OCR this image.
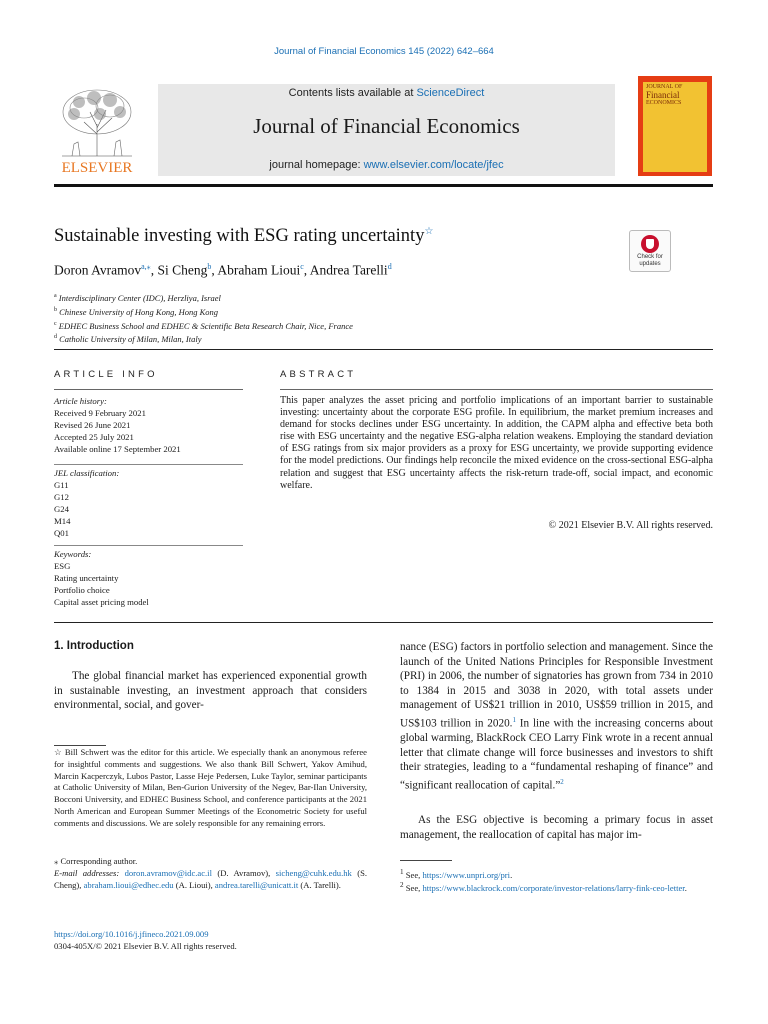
Journal of Financial Economics 145 (2022) 642–664
ELSEVIER
Contents lists available at ScienceDirect
Journal of Financial Economics
journal homepage: www.elsevier.com/locate/jfec
JOURNAL OF

Financial
ECONOMICS
Sustainable investing with ESG rating uncertainty☆
Check for updates
Doron Avramov$^{a,⁎}$, Si Cheng$^b$, Abraham Lioui$^c$, Andrea Tarelli$^d$
$^a$ Interdisciplinary Center (IDC), Herzliya, Israel
$^b$ Chinese University of Hong Kong, Hong Kong
$^c$ EDHEC Business School and EDHEC & Scientific Beta Research Chair, Nice, France
$^d$ Catholic University of Milan, Milan, Italy
ARTICLE INFO
Article history:
Received 9 February 2021
Revised 26 June 2021
Accepted 25 July 2021
Available online 17 September 2021
JEL classification:
G11
G12
G24
M14
Q01
Keywords:
ESG
Rating uncertainty
Portfolio choice
Capital asset pricing model
ABSTRACT
This paper analyzes the asset pricing and portfolio implications of an important barrier to sustainable investing: uncertainty about the corporate ESG profile. In equilibrium, the market premium increases and demand for stocks declines under ESG uncertainty. In addition, the CAPM alpha and effective beta both rise with ESG uncertainty and the negative ESG-alpha relation weakens. Employing the standard deviation of ESG ratings from six major providers as a proxy for ESG uncertainty, we provide supporting evidence for the model predictions. Our findings help reconcile the mixed evidence on the cross-sectional ESG-alpha relation and suggest that ESG uncertainty affects the risk-return trade-off, social impact, and economic welfare.
© 2021 Elsevier B.V. All rights reserved.
1. Introduction
The global financial market has experienced exponential growth in sustainable investing, an investment approach that considers environmental, social, and gover-
nance (ESG) factors in portfolio selection and management. Since the launch of the United Nations Principles for Responsible Investment (PRI) in 2006, the number of signatories has grown from 734 in 2010 to 1384 in 2015 and 3038 in 2020, with total assets under management of US$21 trillion in 2010, US$59 trillion in 2015, and US$103 trillion in 2020.$^1$ In line with the increasing concerns about global warming, BlackRock CEO Larry Fink wrote in a recent annual letter that climate change will force businesses and investors to shift their strategies, leading to a “fundamental reshaping of finance” and “significant reallocation of capital.”$^2$
As the ESG objective is becoming a primary focus in asset management, the reallocation of capital has major im-
☆ Bill Schwert was the editor for this article. We especially thank an anonymous referee for insightful comments and suggestions. We also thank Bill Schwert, Yakov Amihud, Marcin Kacperczyk, Lubos Pastor, Lasse Heje Pedersen, Luke Taylor, seminar participants at Catholic University of Milan, Ben-Gurion University of the Negev, Bar-Ilan University, Bocconi University, and EDHEC Business School, and conference participants at the 2021 North American and European Summer Meetings of the Econometric Society for useful comments and discussions. We are solely responsible for any remaining errors.
⁎ Corresponding author.
E-mail addresses: doron.avramov@idc.ac.il (D. Avramov), sicheng@cuhk.edu.hk (S. Cheng), abraham.lioui@edhec.edu (A. Lioui), andrea.tarelli@unicatt.it (A. Tarelli).
$^1$ See, https://www.unpri.org/pri.
$^2$ See, https://www.blackrock.com/corporate/investor-relations/larry-fink-ceo-letter.
https://doi.org/10.1016/j.jfineco.2021.09.009
0304-405X/© 2021 Elsevier B.V. All rights reserved.
